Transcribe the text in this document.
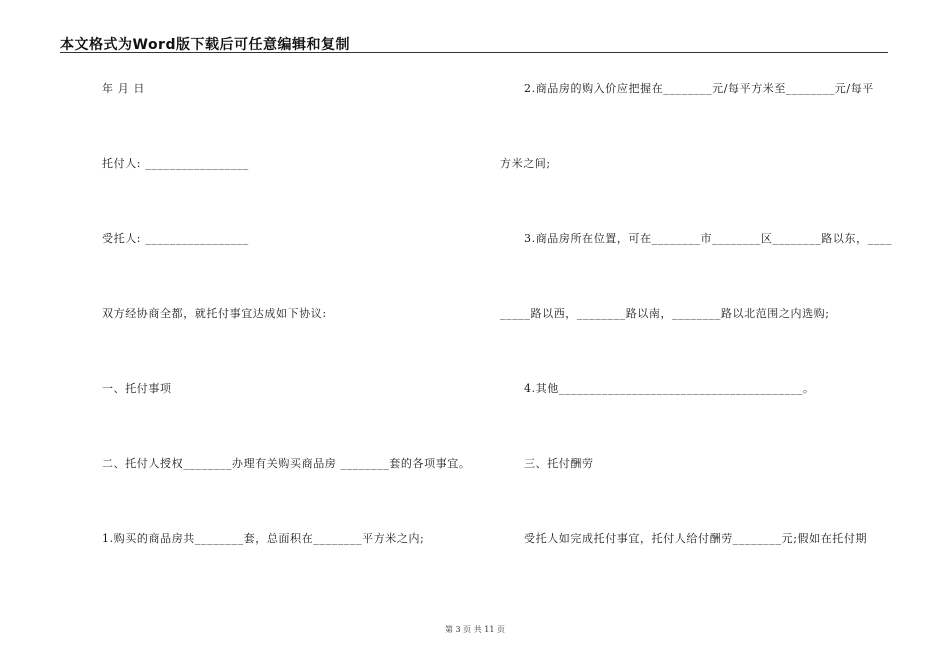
本文格式为Word版下载后可任意编辑和复制
年 月 日
托付人: _________________
受托人: _________________
双方经协商全都，就托付事宜达成如下协议:
一、托付事项
二、托付人授权________办理有关购买商品房 ________套的各项事宜。
1.购买的商品房共________套，总面积在________平方米之内;
2.商品房的购入价应把握在________元/每平方米至________元/每平
方米之间;
3.商品房所在位置，可在________市________区________路以东，____
_____路以西，________路以南，________路以北范围之内选购;
4.其他________________________________________。
三、托付酬劳
受托人如完成托付事宜，托付人给付酬劳________元;假如在托付期
第 3 页 共 11 页
